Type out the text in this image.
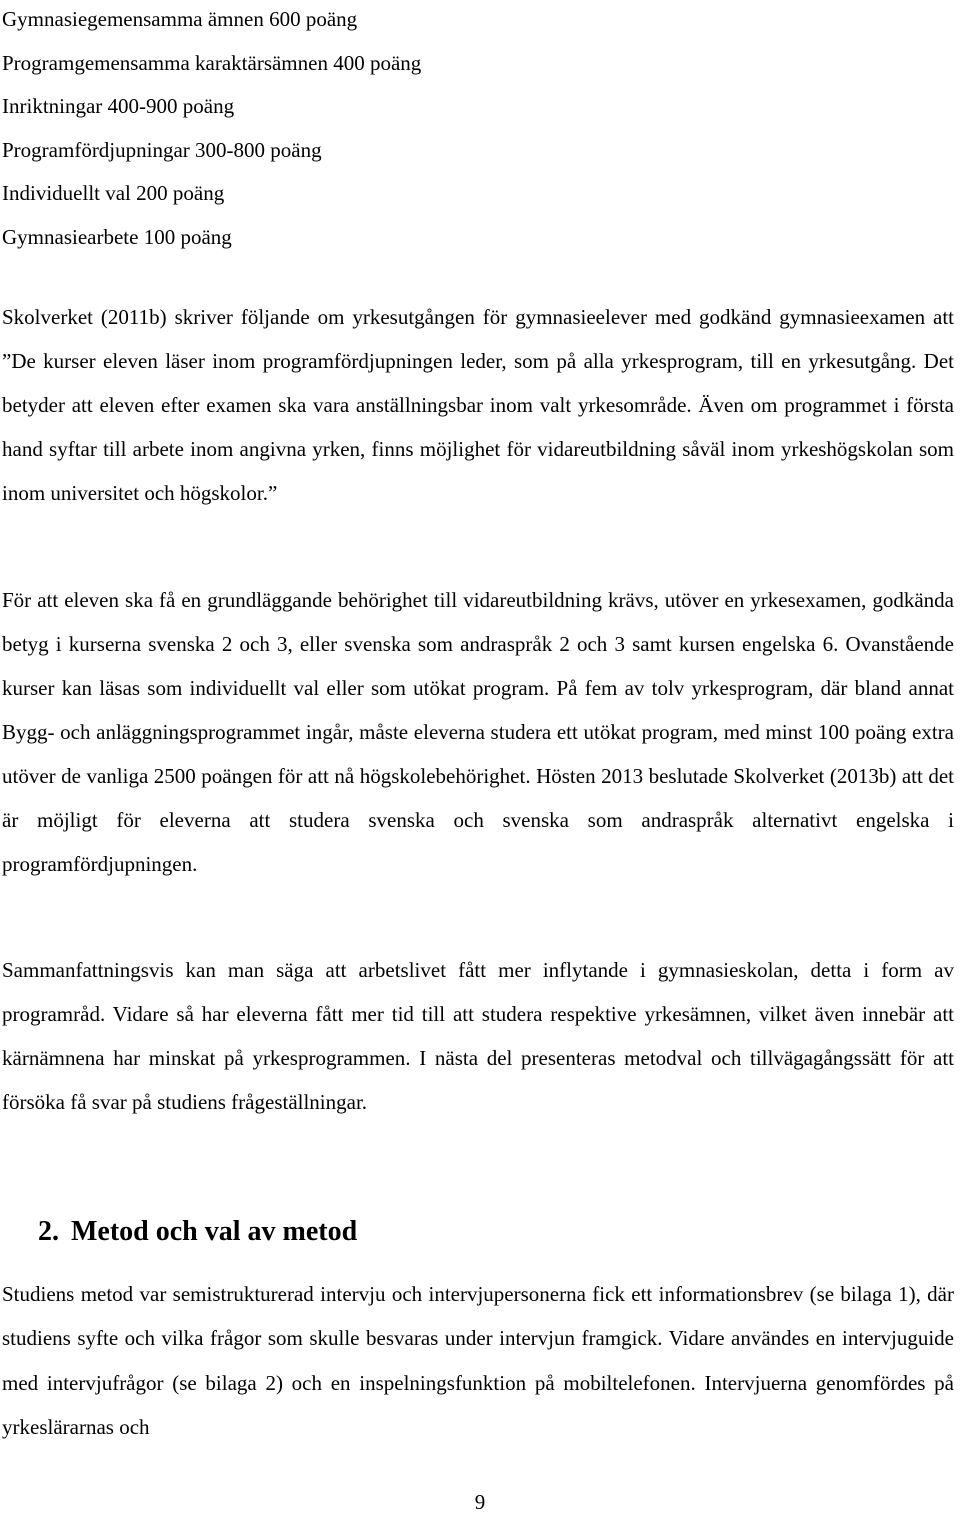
Gymnasiegemensamma ämnen 600 poäng
Programgemensamma karaktärsämnen 400 poäng
Inriktningar 400-900 poäng
Programfördjupningar 300-800 poäng
Individuellt val 200 poäng
Gymnasiearbete 100 poäng

Skolverket (2011b) skriver följande om yrkesutgången för gymnasieelever med godkänd gymnasieexamen att ”De kurser eleven läser inom programfördjupningen leder, som på alla yrkesprogram, till en yrkesutgång. Det betyder att eleven efter examen ska vara anställningsbar inom valt yrkesområde. Även om programmet i första hand syftar till arbete inom angivna yrken, finns möjlighet för vidareutbildning såväl inom yrkeshögskolan som inom universitet och högskolor.”

För att eleven ska få en grundläggande behörighet till vidareutbildning krävs, utöver en yrkesexamen, godkända betyg i kurserna svenska 2 och 3, eller svenska som andraspråk 2 och 3 samt kursen engelska 6. Ovanstående kurser kan läsas som individuellt val eller som utökat program. På fem av tolv yrkesprogram, där bland annat Bygg- och anläggningsprogrammet ingår, måste eleverna studera ett utökat program, med minst 100 poäng extra utöver de vanliga 2500 poängen för att nå högskolebehörighet. Hösten 2013 beslutade Skolverket (2013b) att det är möjligt för eleverna att studera svenska och svenska som andraspråk alternativt engelska i programfördjupningen.

Sammanfattningsvis kan man säga att arbetslivet fått mer inflytande i gymnasieskolan, detta i form av programråd. Vidare så har eleverna fått mer tid till att studera respektive yrkesämnen, vilket även innebär att kärnämnena har minskat på yrkesprogrammen. I nästa del presenteras metodval och tillvägagångssätt för att försöka få svar på studiens frågeställningar.

2. Metod och val av metod

Studiens metod var semistrukturerad intervju och intervjupersonerna fick ett informationsbrev (se bilaga 1), där studiens syfte och vilka frågor som skulle besvaras under intervjun framgick. Vidare användes en intervjuguide med intervjufrågor (se bilaga 2) och en inspelningsfunktion på mobiltelefonen. Intervjuerna genomfördes på yrkeslärarnas och

9
